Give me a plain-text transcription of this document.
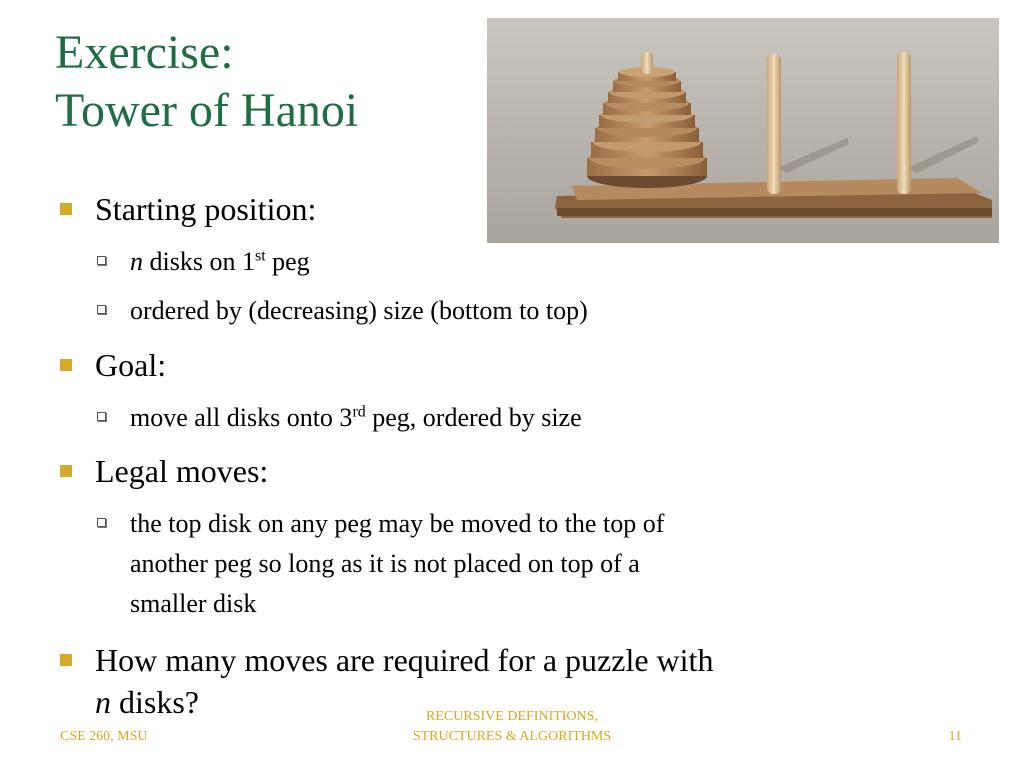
Exercise:
Tower of Hanoi
Starting position:
n disks on 1st peg
ordered by (decreasing) size (bottom to top)
Goal:
move all disks onto 3rd peg, ordered by size
Legal moves:
the top disk on any peg may be moved to the top of
another peg so long as it is not placed on top of a
smaller disk
How many moves are required for a puzzle with
n disks?
CSE 260, MSU
RECURSIVE DEFINITIONS,
STRUCTURES & ALGORITHMS	11
